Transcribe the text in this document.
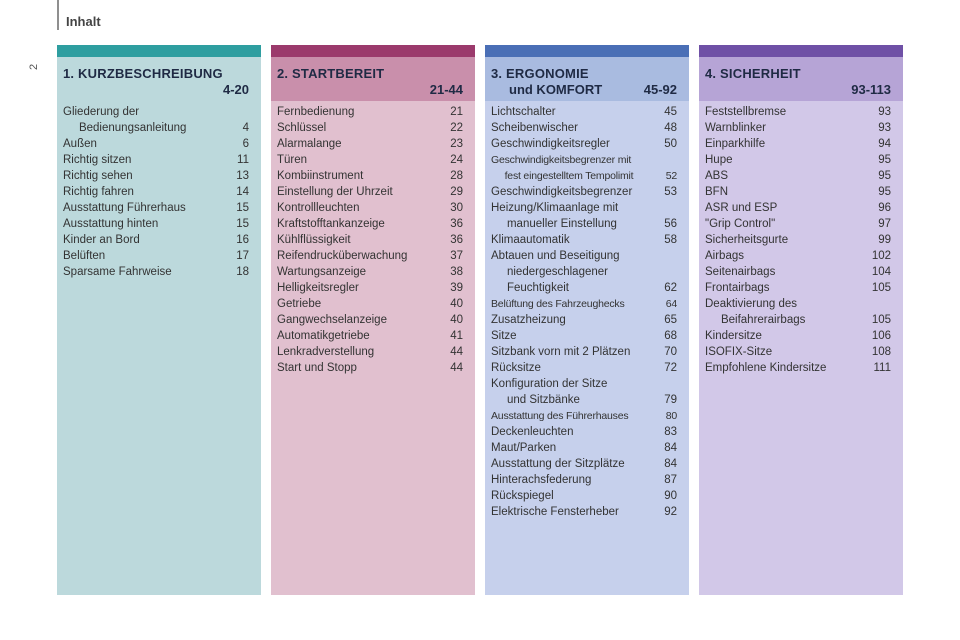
Inhalt
2 1. KURZBESCHREIBUNG
4-20
Gliederung der
Bedienungsanleitung	4
Außen	6
Richtig sitzen	11
Richtig sehen	13
Richtig fahren	14
Ausstattung Führerhaus	15
Ausstattung hinten	15
Kinder an Bord	16
Belüften	17
Sparsame Fahrweise	18
2. STARTBEREIT
21-44
Fernbedienung	21
Schlüssel	22
Alarmalange	23
Türen	24
Kombiinstrument	28
Einstellung der Uhrzeit	29
Kontrollleuchten	30
Kraftstofftankanzeige	36
Kühlflüssigkeit	36
Reifendrucküberwachung	37
Wartungsanzeige	38
Helligkeitsregler	39
Getriebe	40
Gangwechselanzeige	40
Automatikgetriebe	41
Lenkradverstellung	44
Start und Stopp	44
3. ERGONOMIE
und KOMFORT	45-92
Lichtschalter	45
Scheibenwischer	48
Geschwindigkeitsregler	50
Geschwindigkeitsbegrenzer mit
fest eingestelltem Tempolimit	52
Geschwindigkeitsbegrenzer	53
Heizung/Klimaanlage mit
manueller Einstellung	56
Klimaautomatik	58
Abtauen und Beseitigung
niedergeschlagener
Feuchtigkeit	62
Belüftung des Fahrzeughecks	64
Zusatzheizung	65
Sitze	68
Sitzbank vorn mit 2 Plätzen	70
Rücksitze	72
Konfiguration der Sitze
und Sitzbänke	79
Ausstattung des Führerhauses	80
Deckenleuchten	83
Maut/Parken	84
Ausstattung der Sitzplätze	84
Hinterachsfederung	87
Rückspiegel	90
Elektrische Fensterheber	92
4. SICHERHEIT
93-113
Feststellbremse	93
Warnblinker	93
Einparkhilfe	94
Hupe	95
ABS	95
BFN	95
ASR und ESP	96
"Grip Control"	97
Sicherheitsgurte	99
Airbags	102
Seitenairbags	104
Frontairbags	105
Deaktivierung des
Beifahrerairbags	105
Kindersitze	106
ISOFIX-Sitze	108
Empfohlene Kindersitze	111
